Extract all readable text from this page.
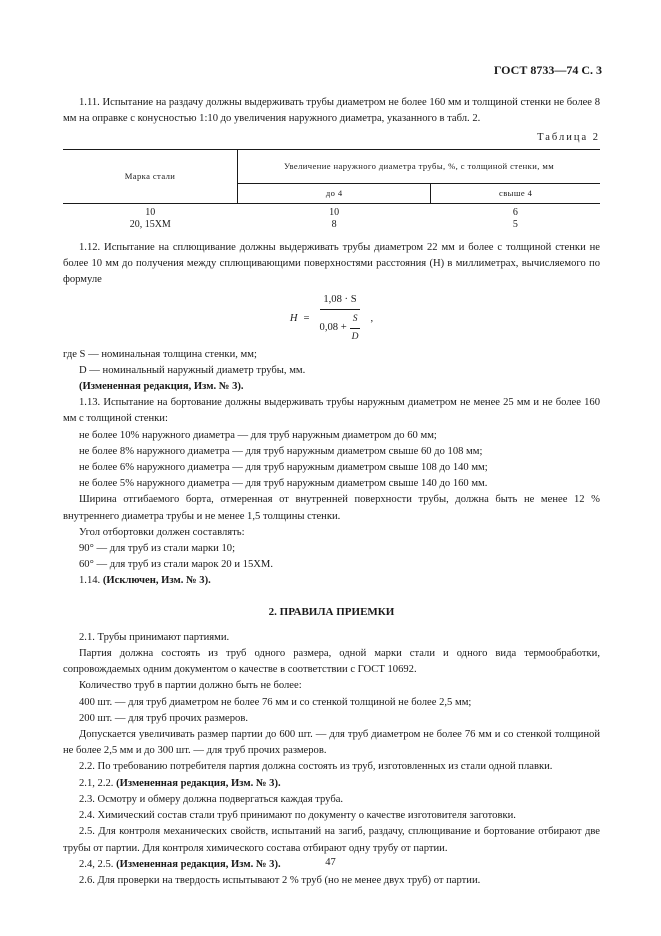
ГОСТ 8733—74 С. 3

1.11. Испытание на раздачу должны выдерживать трубы диаметром не более 160 мм и толщиной стенки не более 8 мм на оправке с конусностью 1:10 до увеличения наружного диаметра, указанного в табл. 2.

Таблица 2
Марка стали	Увеличение наружного диаметра трубы, %, с толщиной стенки, мм	
	до 4	свыше 4
10	10	6
20, 15ХМ	8	5

1.12. Испытание на сплющивание должны выдерживать трубы диаметром 22 мм и более с толщиной стенки не более 10 мм до получения между сплющивающими поверхностями расстояния (H) в миллиметрах, вычисляемого по формуле

$H = \frac{1,08 \cdot S}{0,08 + \frac{S}{D}}$ ,

где S — номинальная толщина стенки, мм;

D — номинальный наружный диаметр трубы, мм.

(Измененная редакция, Изм. № 3).

1.13. Испытание на бортование должны выдерживать трубы наружным диаметром не менее 25 мм и не более 160 мм с толщиной стенки:

не более 10% наружного диаметра — для труб наружным диаметром до 60 мм;

не более 8% наружного диаметра — для труб наружным диаметром свыше 60 до 108 мм;

не более 6% наружного диаметра — для труб наружным диаметром свыше 108 до 140 мм;

не более 5% наружного диаметра — для труб наружным диаметром свыше 140 до 160 мм.

Ширина отгибаемого борта, отмеренная от внутренней поверхности трубы, должна быть не менее 12 % внутреннего диаметра трубы и не менее 1,5 толщины стенки.

Угол отбортовки должен составлять:

90° — для труб из стали марки 10;

60° — для труб из стали марок 20 и 15ХМ.

1.14. (Исключен, Изм. № 3).

2. ПРАВИЛА ПРИЕМКИ

2.1. Трубы принимают партиями.

Партия должна состоять из труб одного размера, одной марки стали и одного вида термообработки, сопровождаемых одним документом о качестве в соответствии с ГОСТ 10692.

Количество труб в партии должно быть не более:

400 шт. — для труб диаметром не более 76 мм и со стенкой толщиной не более 2,5 мм;

200 шт. — для труб прочих размеров.

Допускается увеличивать размер партии до 600 шт. — для труб диаметром не более 76 мм и со стенкой толщиной не более 2,5 мм и до 300 шт. — для труб прочих размеров.

2.2. По требованию потребителя партия должна состоять из труб, изготовленных из стали одной плавки.

2.1, 2.2. (Измененная редакция, Изм. № 3).

2.3. Осмотру и обмеру должна подвергаться каждая труба.

2.4. Химический состав стали труб принимают по документу о качестве изготовителя заготовки.

2.5. Для контроля механических свойств, испытаний на загиб, раздачу, сплющивание и бортование отбирают две трубы от партии. Для контроля химического состава отбирают одну трубу от партии.

2.4, 2.5. (Измененная редакция, Изм. № 3).

2.6. Для проверки на твердость испытывают 2 % труб (но не менее двух труб) от партии.

47
